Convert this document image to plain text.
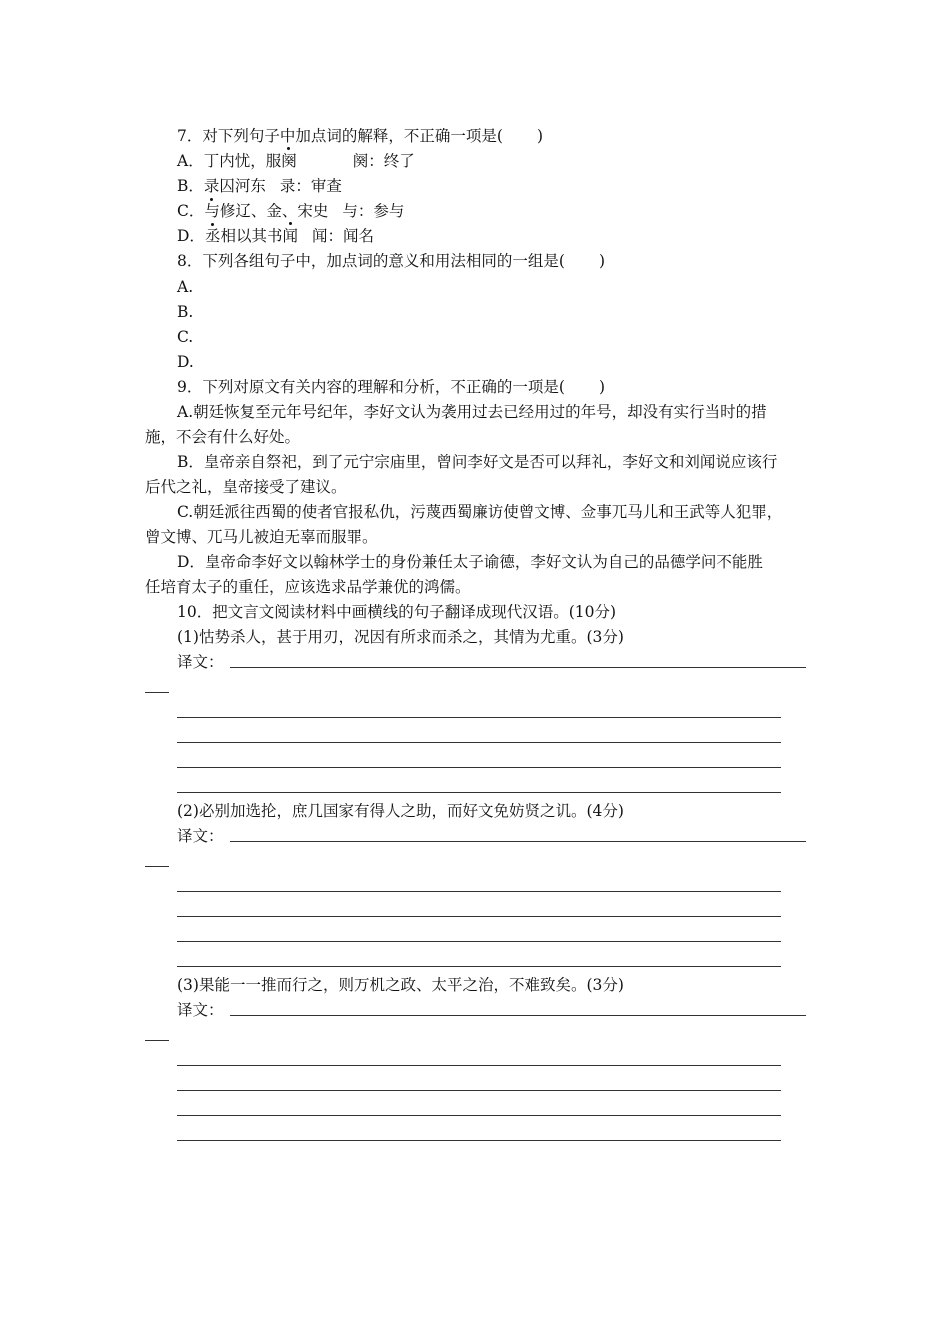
7．对下列句子中加点词的解释，不正确一项是( )
A．丁内忧，服阕	阕：终了
B．录囚河东 录：审查
C．与修辽、金、宋史 与：参与
D．丞相以其书闻 闻：闻名
8．下列各组句子中，加点词的意义和用法相同的一组是( )
A.
B.
C.
D.
9．下列对原文有关内容的理解和分析，不正确的一项是( )
A.朝廷恢复至元年号纪年，李好文认为袭用过去已经用过的年号，却没有实行当时的措
施，不会有什么好处。
B．皇帝亲自祭祀，到了元宁宗庙里，曾问李好文是否可以拜礼，李好文和刘闻说应该行
后代之礼，皇帝接受了建议。
C.朝廷派往西蜀的使者官报私仇，污蔑西蜀廉访使曾文博、佥事兀马儿和王武等人犯罪，
曾文博、兀马儿被迫无辜而服罪。
D．皇帝命李好文以翰林学士的身份兼任太子谕德，李好文认为自己的品德学问不能胜
任培育太子的重任，应该选求品学兼优的鸿儒。
10．把文言文阅读材料中画横线的句子翻译成现代汉语。(10分)
(1)怙势杀人，甚于用刃，况因有所求而杀之，其情为尤重。(3分)
译文：
(2)必别加选抡，庶几国家有得人之助，而好文免妨贤之讥。(4分)
译文：
(3)果能一一推而行之，则万机之政、太平之治，不难致矣。(3分)
译文：
